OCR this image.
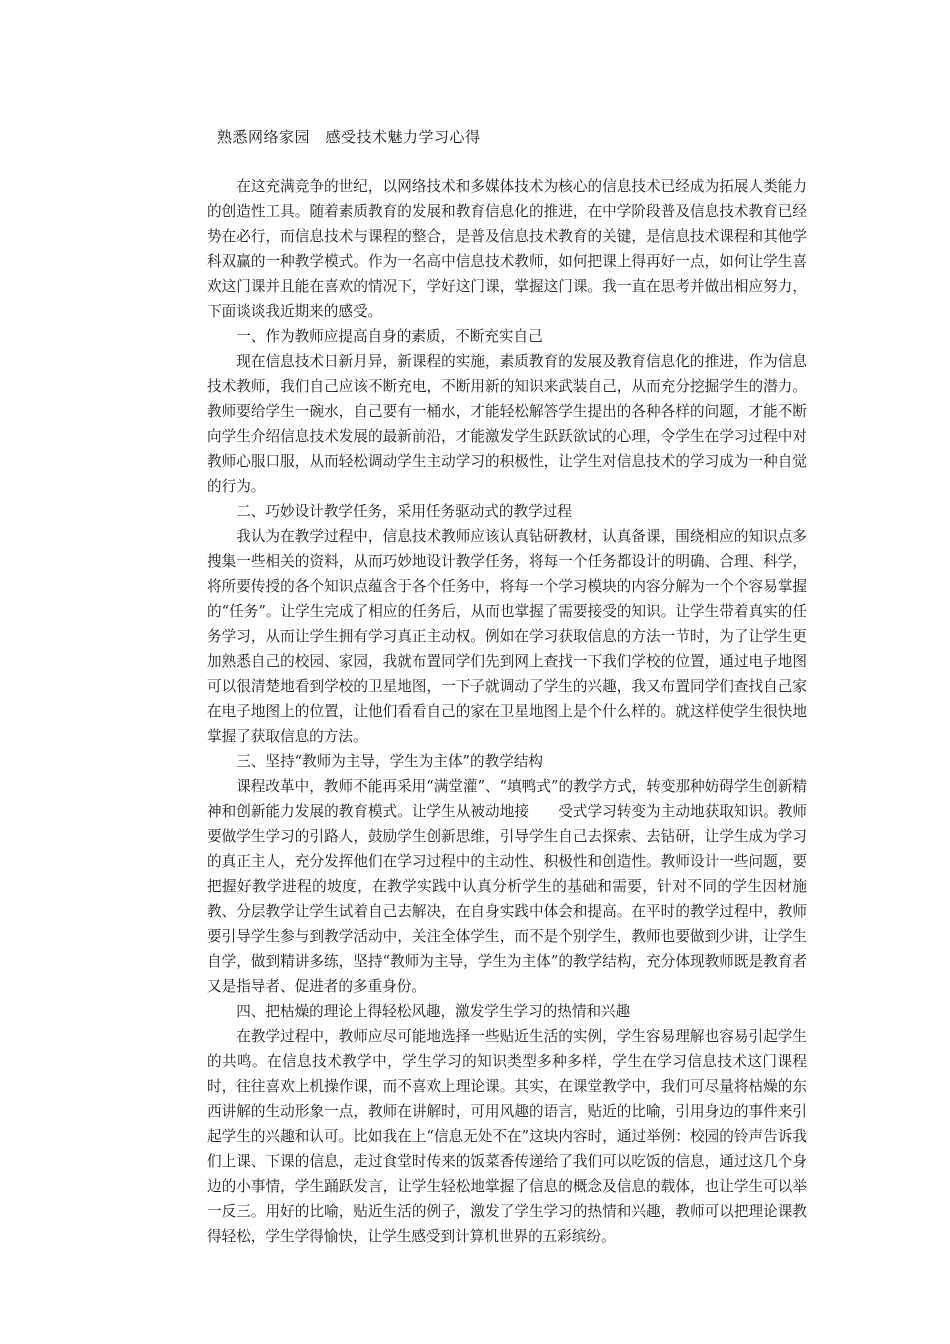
熟悉网络家园　感受技术魅力学习心得

在这充满竞争的世纪，以网络技术和多媒体技术为核心的信息技术已经成为拓展人类能力的创造性工具。随着素质教育的发展和教育信息化的推进，在中学阶段普及信息技术教育已经势在必行，而信息技术与课程的整合，是普及信息技术教育的关键，是信息技术课程和其他学科双赢的一种教学模式。作为一名高中信息技术教师，如何把课上得再好一点，如何让学生喜欢这门课并且能在喜欢的情况下，学好这门课，掌握这门课。我一直在思考并做出相应努力，下面谈谈我近期来的感受。

一、作为教师应提高自身的素质，不断充实自己

现在信息技术日新月异，新课程的实施，素质教育的发展及教育信息化的推进，作为信息技术教师，我们自己应该不断充电，不断用新的知识来武装自己，从而充分挖掘学生的潜力。教师要给学生一碗水，自己要有一桶水，才能轻松解答学生提出的各种各样的问题，才能不断向学生介绍信息技术发展的最新前沿，才能激发学生跃跃欲试的心理，令学生在学习过程中对教师心服口服，从而轻松调动学生主动学习的积极性，让学生对信息技术的学习成为一种自觉的行为。

二、巧妙设计教学任务，采用任务驱动式的教学过程

我认为在教学过程中，信息技术教师应该认真钻研教材，认真备课，围绕相应的知识点多搜集一些相关的资料，从而巧妙地设计教学任务，将每一个任务都设计的明确、合理、科学，将所要传授的各个知识点蕴含于各个任务中，将每一个学习模块的内容分解为一个个容易掌握的“任务”。让学生完成了相应的任务后，从而也掌握了需要接受的知识。让学生带着真实的任务学习，从而让学生拥有学习真正主动权。例如在学习获取信息的方法一节时，为了让学生更加熟悉自己的校园、家园，我就布置同学们先到网上查找一下我们学校的位置，通过电子地图可以很清楚地看到学校的卫星地图，一下子就调动了学生的兴趣，我又布置同学们查找自己家在电子地图上的位置，让他们看看自己的家在卫星地图上是个什么样的。就这样使学生很快地掌握了获取信息的方法。

三、坚持“教师为主导，学生为主体”的教学结构

课程改革中，教师不能再采用“满堂灌”、“填鸭式”的教学方式，转变那种妨碍学生创新精神和创新能力发展的教育模式。让学生从被动地接　　受式学习转变为主动地获取知识。教师要做学生学习的引路人，鼓励学生创新思维，引导学生自己去探索、去钻研，让学生成为学习的真正主人，充分发挥他们在学习过程中的主动性、积极性和创造性。教师设计一些问题，要把握好教学进程的坡度，在教学实践中认真分析学生的基础和需要，针对不同的学生因材施教、分层教学让学生试着自己去解决，在自身实践中体会和提高。在平时的教学过程中，教师要引导学生参与到教学活动中，关注全体学生，而不是个别学生，教师也要做到少讲，让学生自学，做到精讲多练，坚持“教师为主导，学生为主体”的教学结构，充分体现教师既是教育者又是指导者、促进者的多重身份。

四、把枯燥的理论上得轻松风趣，激发学生学习的热情和兴趣

在教学过程中，教师应尽可能地选择一些贴近生活的实例，学生容易理解也容易引起学生的共鸣。在信息技术教学中，学生学习的知识类型多种多样，学生在学习信息技术这门课程时，往往喜欢上机操作课，而不喜欢上理论课。其实，在课堂教学中，我们可尽量将枯燥的东西讲解的生动形象一点，教师在讲解时，可用风趣的语言，贴近的比喻，引用身边的事件来引起学生的兴趣和认可。比如我在上“信息无处不在”这块内容时，通过举例：校园的铃声告诉我们上课、下课的信息，走过食堂时传来的饭菜香传递给了我们可以吃饭的信息，通过这几个身边的小事情，学生踊跃发言，让学生轻松地掌握了信息的概念及信息的载体，也让学生可以举一反三。用好的比喻，贴近生活的例子，激发了学生学习的热情和兴趣，教师可以把理论课教得轻松，学生学得愉快，让学生感受到计算机世界的五彩缤纷。
